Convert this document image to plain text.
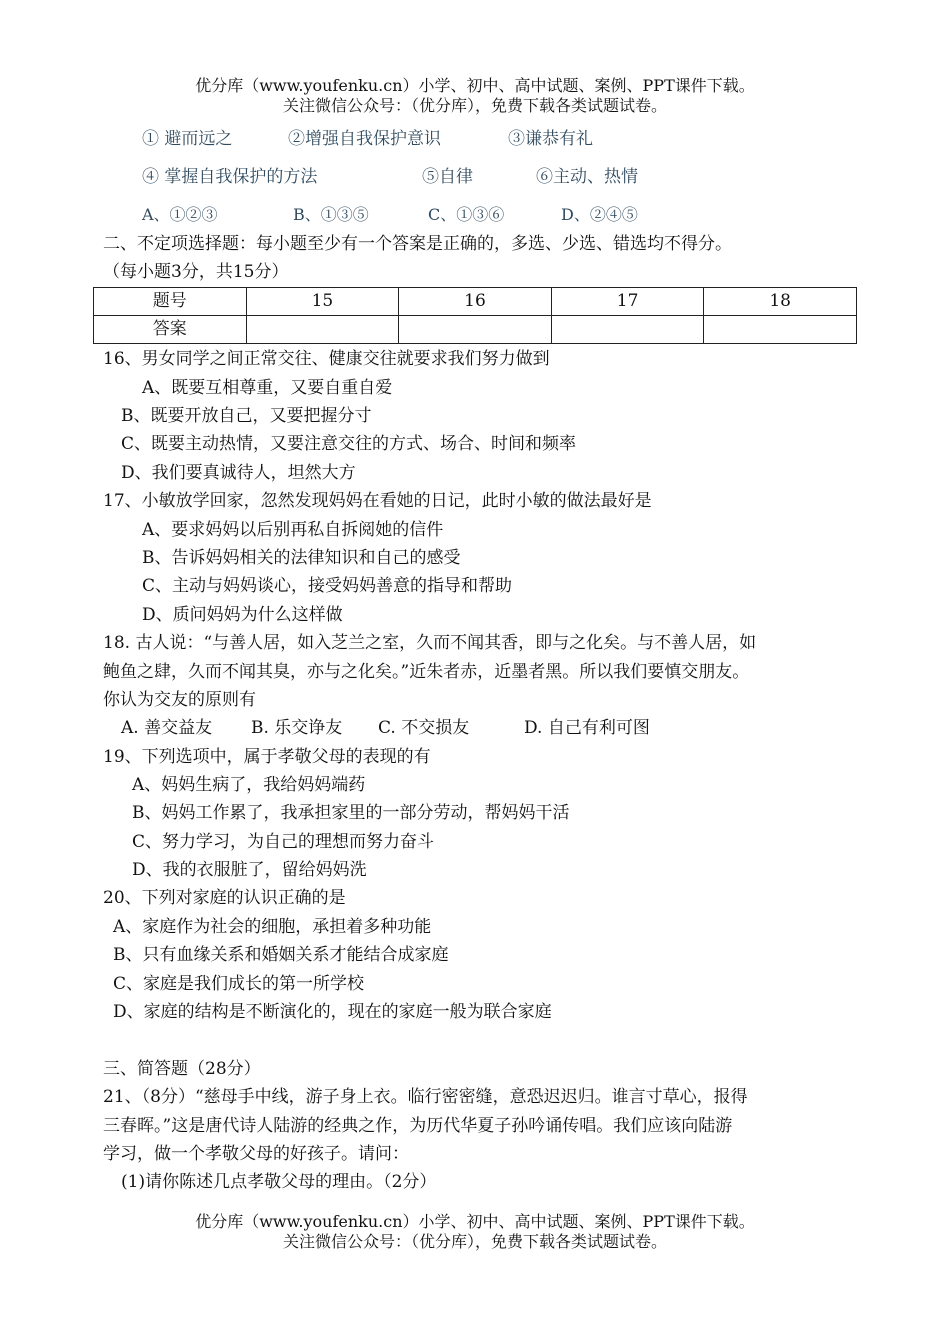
优分库（www.youfenku.cn）小学、初中、高中试题、案例、PPT课件下载。
关注微信公众号：（优分库），免费下载各类试题试卷。
① 避而远之	②增强自我保护意识	③谦恭有礼
④ 掌握自我保护的方法	⑤自律	⑥主动、热情
A、①②③	B、①③⑤	C、①③⑥	D、②④⑤
二、不定项选择题：每小题至少有一个答案是正确的，多选、少选、错选均不得分。
（每小题3分，共15分）
题号	15	16	17	18
答案				
16、男女同学之间正常交往、健康交往就要求我们努力做到
A、既要互相尊重，又要自重自爱
B、既要开放自己，又要把握分寸
C、既要主动热情，又要注意交往的方式、场合、时间和频率
D、我们要真诚待人，坦然大方
17、小敏放学回家，忽然发现妈妈在看她的日记，此时小敏的做法最好是
A、要求妈妈以后别再私自拆阅她的信件
B、告诉妈妈相关的法律知识和自己的感受
C、主动与妈妈谈心，接受妈妈善意的指导和帮助
D、质问妈妈为什么这样做
18. 古人说：“与善人居，如入芝兰之室，久而不闻其香，即与之化矣。与不善人居，如
鲍鱼之肆，久而不闻其臭，亦与之化矣。”近朱者赤，近墨者黑。所以我们要慎交朋友。
你认为交友的原则有
A. 善交益友 B. 乐交诤友 C. 不交损友	D. 自己有利可图
19、下列选项中，属于孝敬父母的表现的有
A、妈妈生病了，我给妈妈端药
B、妈妈工作累了，我承担家里的一部分劳动，帮妈妈干活
C、努力学习，为自己的理想而努力奋斗
D、我的衣服脏了，留给妈妈洗
20、下列对家庭的认识正确的是
A、家庭作为社会的细胞，承担着多种功能
B、只有血缘关系和婚姻关系才能结合成家庭
C、家庭是我们成长的第一所学校
D、家庭的结构是不断演化的，现在的家庭一般为联合家庭
三、简答题（28分）
21、（8分）“慈母手中线，游子身上衣。临行密密缝，意恐迟迟归。谁言寸草心，报得
三春晖。”这是唐代诗人陆游的经典之作，为历代华夏子孙吟诵传唱。我们应该向陆游
学习，做一个孝敬父母的好孩子。请问：
(1)请你陈述几点孝敬父母的理由。（2分）
优分库（www.youfenku.cn）小学、初中、高中试题、案例、PPT课件下载。
关注微信公众号：（优分库），免费下载各类试题试卷。
